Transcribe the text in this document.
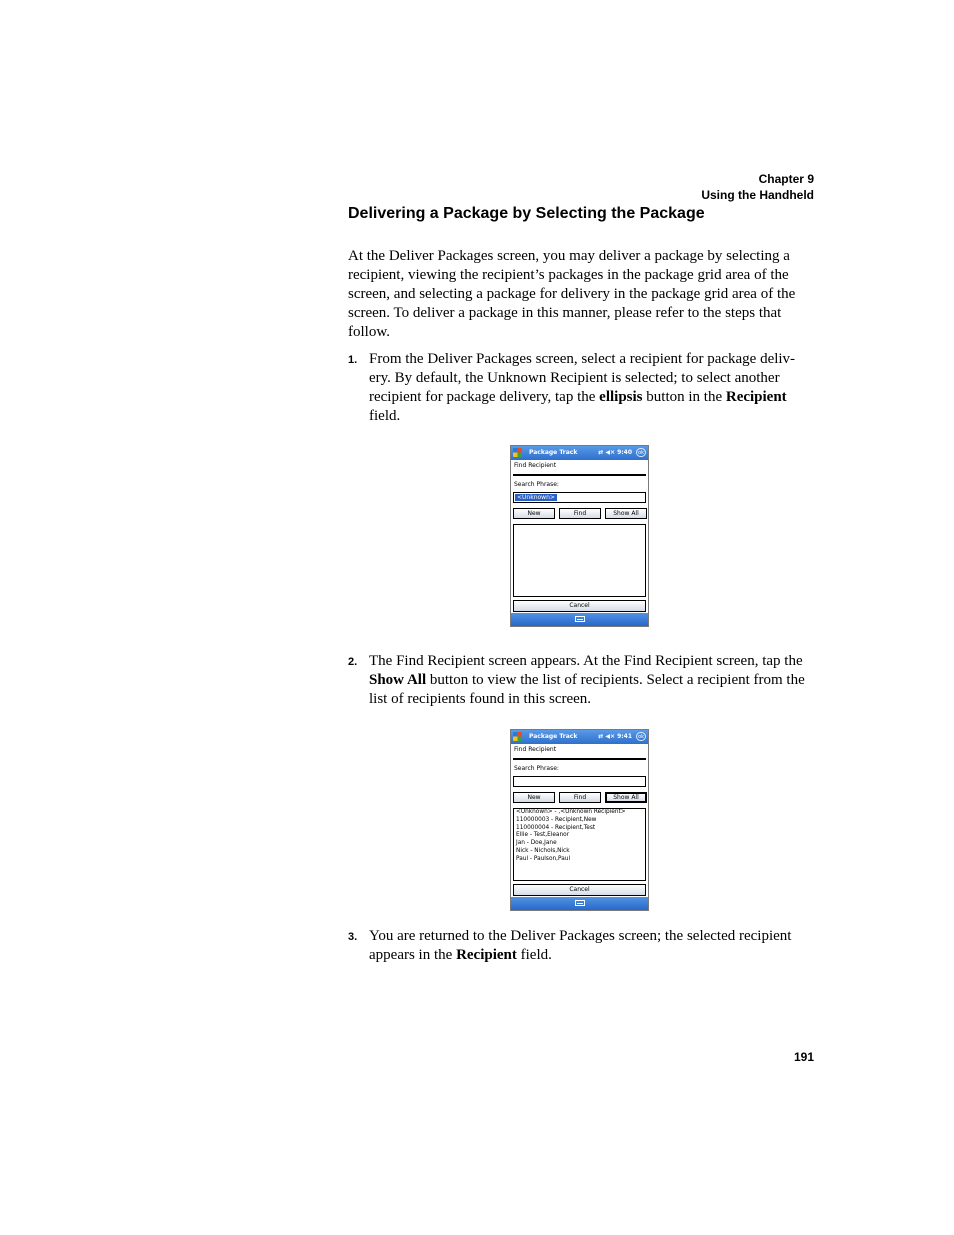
Chapter 9
Using the Handheld
Delivering a Package by Selecting the Package

At the Deliver Packages screen, you may deliver a package by selecting a recipient, viewing the recipient’s packages in the package grid area of the screen, and selecting a package for delivery in the package grid area of the screen. To deliver a package in this manner, please refer to the steps that follow.

1. From the Deliver Packages screen, select a recipient for package deliv-ery. By default, the Unknown Recipient is selected; to select another recipient for package delivery, tap the ellipsis button in the Recipient field.
Package Track	⇄ ◀× 9:40	ok
Find Recipient
Search Phrase:
<Unknown>
New	Find	Show All
Cancel
2. The Find Recipient screen appears. At the Find Recipient screen, tap the Show All button to view the list of recipients. Select a recipient from the list of recipients found in this screen.
Package Track	⇄ ◀× 9:41	ok
Find Recipient
Search Phrase:
New	Find	Show All
<Unknown> - ,<Unknown Recipient>
110000003 - Recipient,New
110000004 - Recipient,Test
Ellie - Test,Eleanor
Jan - Doe,Jane
Nick - Nichols,Nick
Paul - Paulson,Paul
Cancel
3. You are returned to the Deliver Packages screen; the selected recipient appears in the Recipient field.
191
